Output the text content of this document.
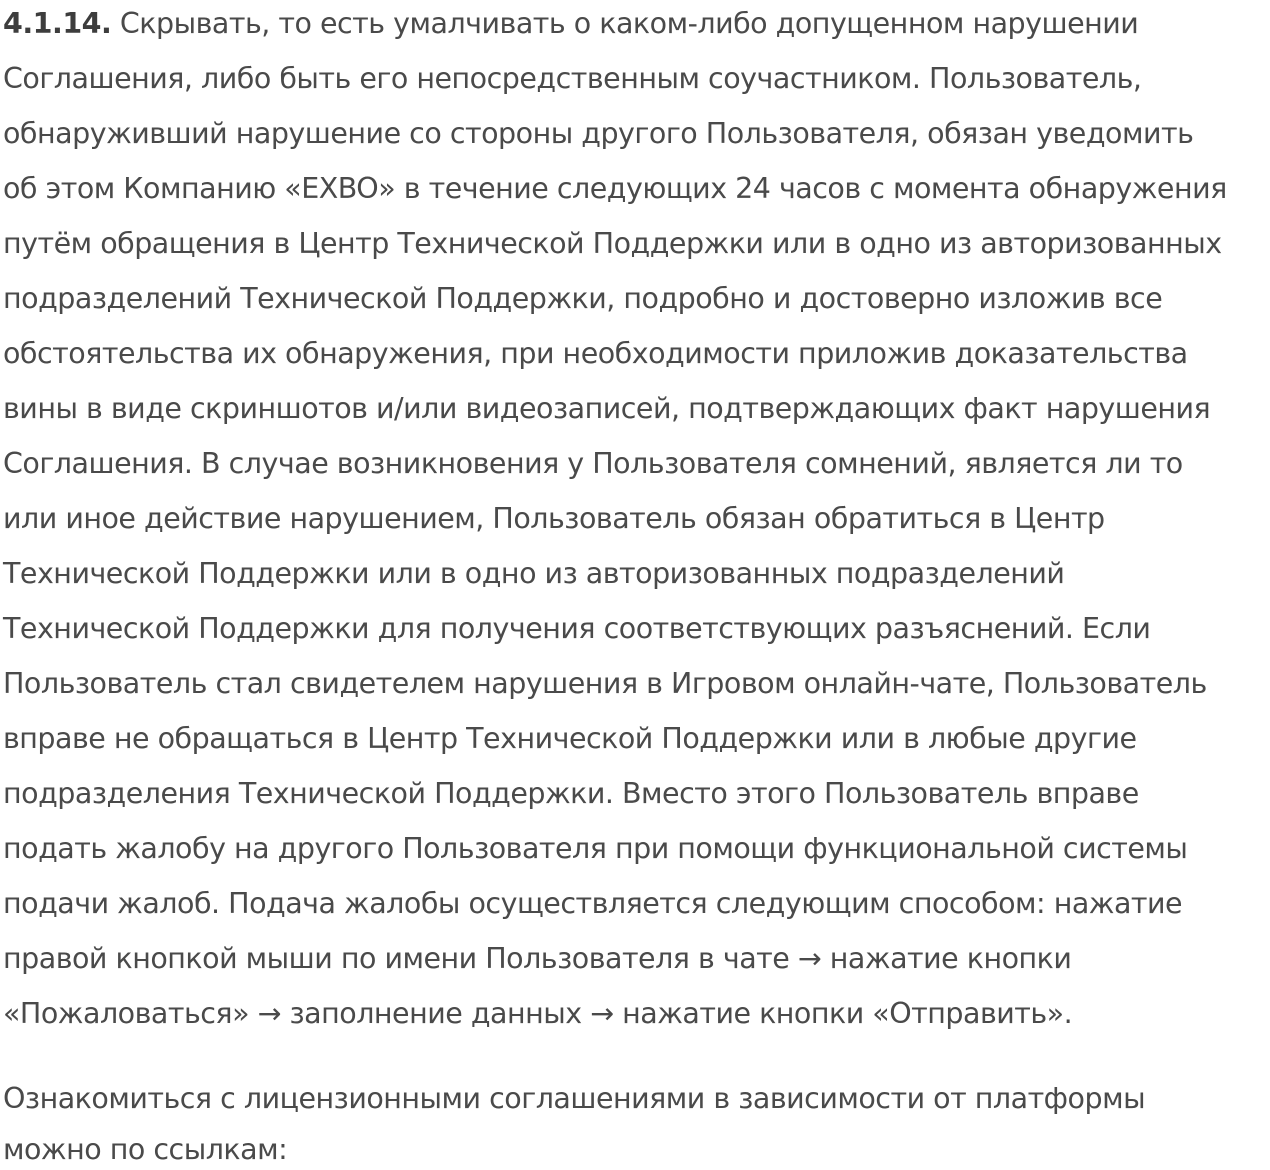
4.1.14. Скрывать, то есть умалчивать о каком-либо допущенном нарушении
Соглашения, либо быть его непосредственным соучастником. Пользователь,
обнаруживший нарушение со стороны другого Пользователя, обязан уведомить
об этом Компанию «EXBO» в течение следующих 24 часов с момента обнаружения
путём обращения в Центр Технической Поддержки или в одно из авторизованных
подразделений Технической Поддержки, подробно и достоверно изложив все
обстоятельства их обнаружения, при необходимости приложив доказательства
вины в виде скриншотов и/или видеозаписей, подтверждающих факт нарушения
Соглашения. В случае возникновения у Пользователя сомнений, является ли то
или иное действие нарушением, Пользователь обязан обратиться в Центр
Технической Поддержки или в одно из авторизованных подразделений
Технической Поддержки для получения соответствующих разъяснений. Если
Пользователь стал свидетелем нарушения в Игровом онлайн-чате, Пользователь
вправе не обращаться в Центр Технической Поддержки или в любые другие
подразделения Технической Поддержки. Вместо этого Пользователь вправе
подать жалобу на другого Пользователя при помощи функциональной системы
подачи жалоб. Подача жалобы осуществляется следующим способом: нажатие
правой кнопкой мыши по имени Пользователя в чате → нажатие кнопки
«Пожаловаться» → заполнение данных → нажатие кнопки «Отправить».
Ознакомиться с лицензионными соглашениями в зависимости от платформы
можно по ссылкам:
